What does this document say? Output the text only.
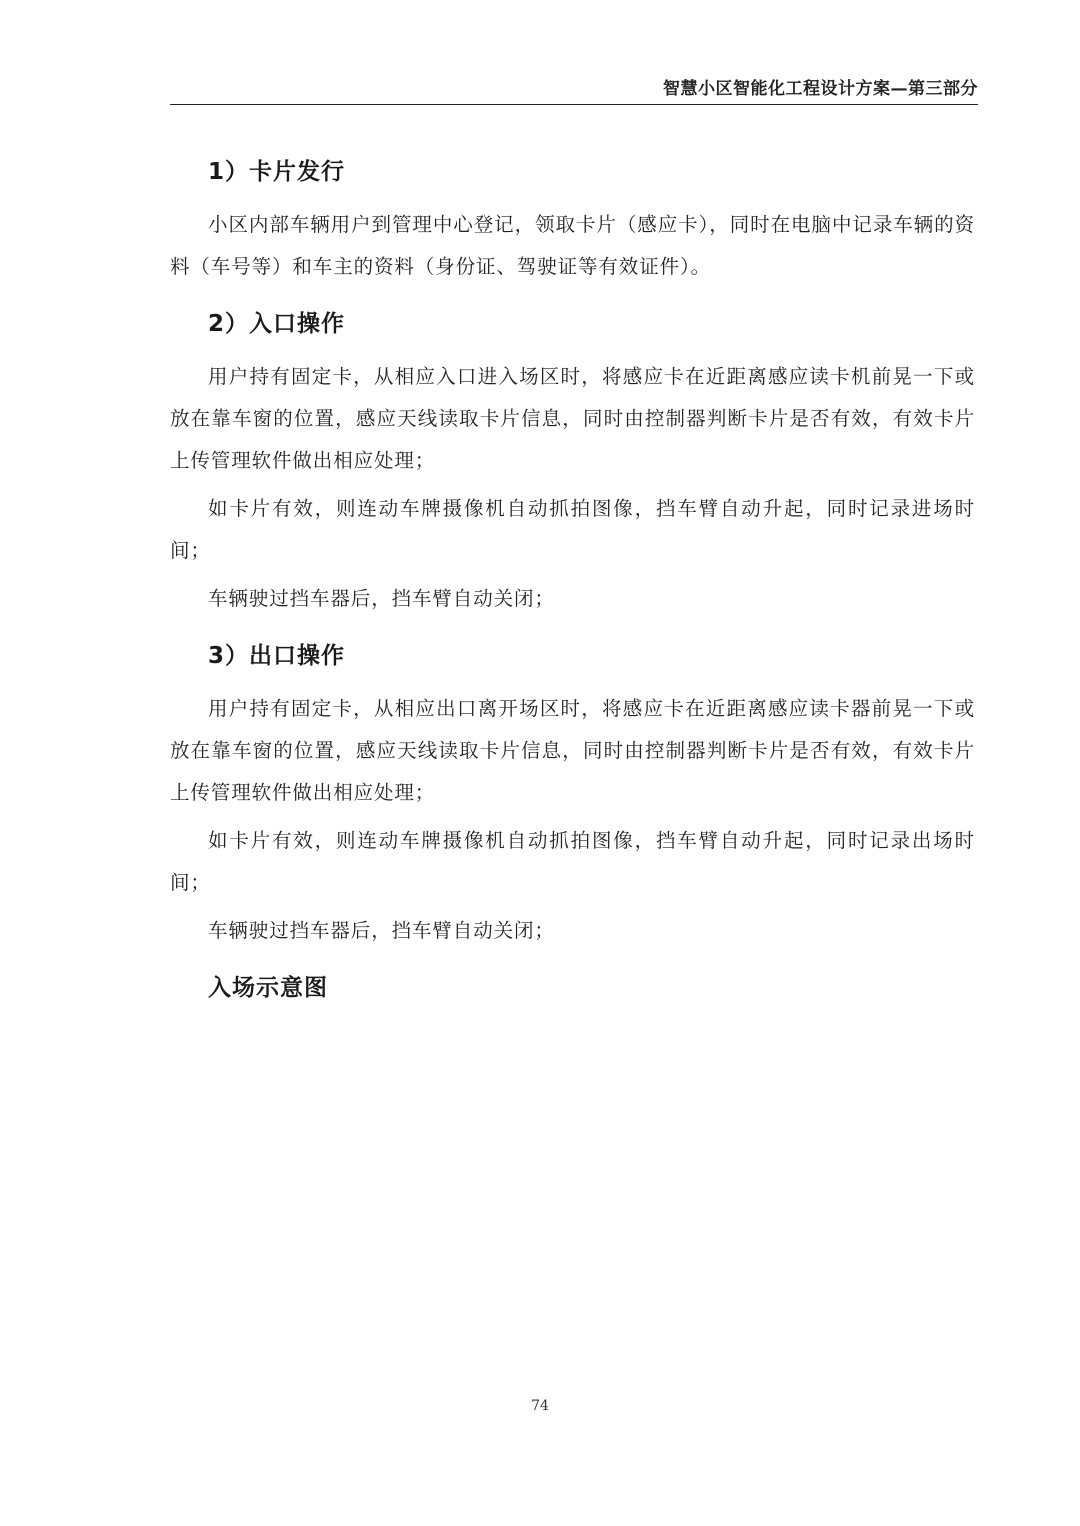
智慧小区智能化工程设计方案—第三部分
1）卡片发行

小区内部车辆用户到管理中心登记，领取卡片（感应卡），同时在电脑中记录车辆的资料（车号等）和车主的资料（身份证、驾驶证等有效证件）。

2）入口操作

用户持有固定卡，从相应入口进入场区时，将感应卡在近距离感应读卡机前晃一下或放在靠车窗的位置，感应天线读取卡片信息，同时由控制器判断卡片是否有效，有效卡片上传管理软件做出相应处理；

如卡片有效，则连动车牌摄像机自动抓拍图像，挡车臂自动升起，同时记录进场时间；

车辆驶过挡车器后，挡车臂自动关闭；

3）出口操作

用户持有固定卡，从相应出口离开场区时，将感应卡在近距离感应读卡器前晃一下或放在靠车窗的位置，感应天线读取卡片信息，同时由控制器判断卡片是否有效，有效卡片上传管理软件做出相应处理；

如卡片有效，则连动车牌摄像机自动抓拍图像，挡车臂自动升起，同时记录出场时间；

车辆驶过挡车器后，挡车臂自动关闭；

入场示意图
74
